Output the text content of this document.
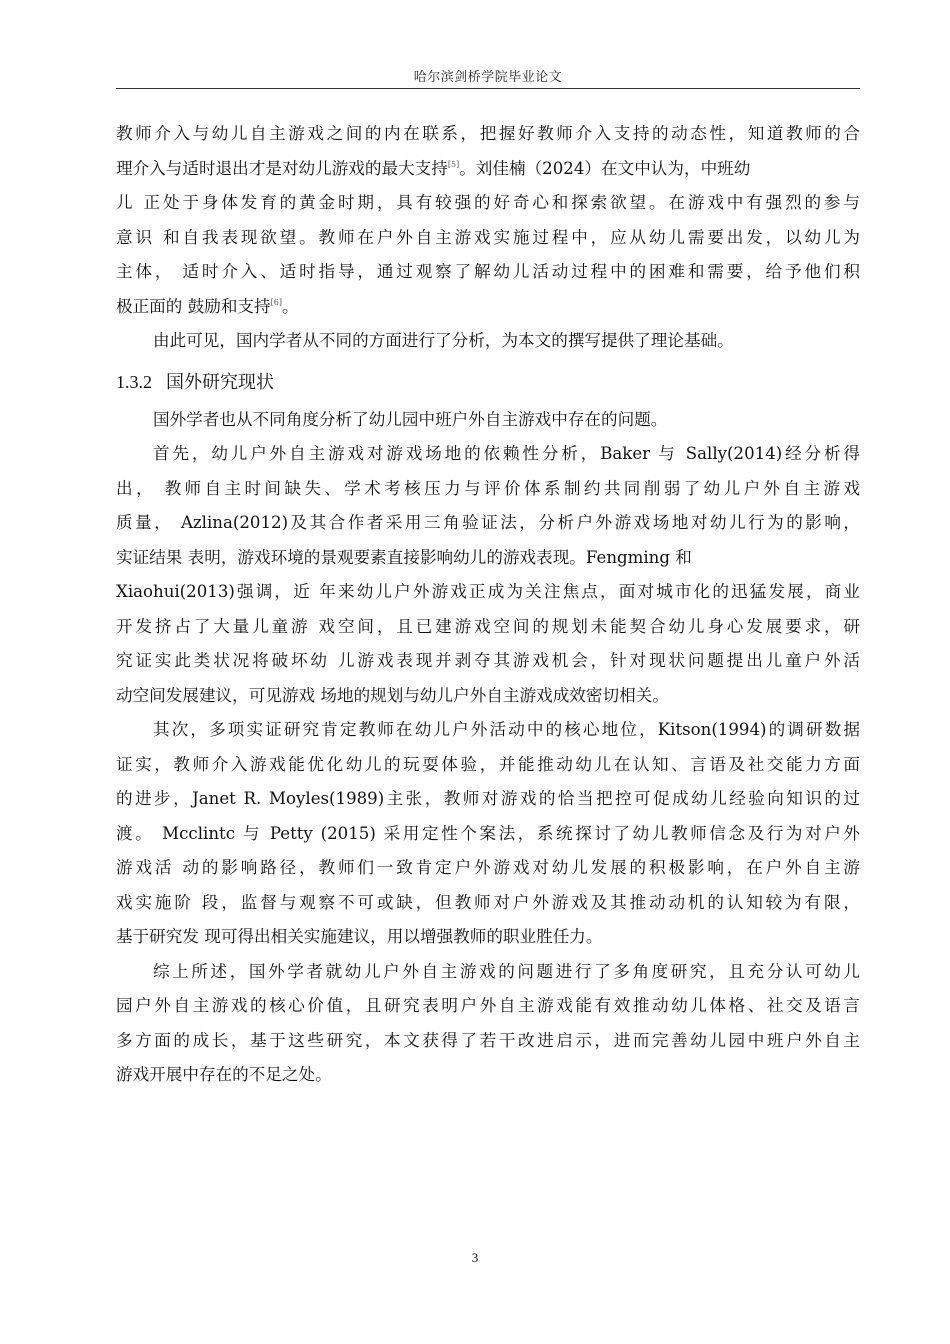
哈尔滨剑桥学院毕业论文
教师介入与幼儿自主游戏之间的内在联系，把握好教师介入支持的动态性，知道教师的合
理介入与适时退出才是对幼儿游戏的最大支持[5]。刘佳楠（2024）在文中认为，中班幼
儿 正处于身体发育的黄金时期，具有较强的好奇心和探索欲望。在游戏中有强烈的参与
意识 和自我表现欲望。教师在户外自主游戏实施过程中，应从幼儿需要出发，以幼儿为
主体， 适时介入、适时指导，通过观察了解幼儿活动过程中的困难和需要，给予他们积
极正面的 鼓励和支持[6]。
由此可见，国内学者从不同的方面进行了分析，为本文的撰写提供了理论基础。
1.3.2 国外研究现状
国外学者也从不同角度分析了幼儿园中班户外自主游戏中存在的问题。
首先，幼儿户外自主游戏对游戏场地的依赖性分析，Baker 与 Sally(2014)经分析得
出， 教师自主时间缺失、学术考核压力与评价体系制约共同削弱了幼儿户外自主游戏
质量， Azlina(2012)及其合作者采用三角验证法，分析户外游戏场地对幼儿行为的影响，
实证结果 表明，游戏环境的景观要素直接影响幼儿的游戏表现。Fengming 和
Xiaohui(2013)强调，近 年来幼儿户外游戏正成为关注焦点，面对城市化的迅猛发展，商业
开发挤占了大量儿童游 戏空间，且已建游戏空间的规划未能契合幼儿身心发展要求，研
究证实此类状况将破坏幼 儿游戏表现并剥夺其游戏机会，针对现状问题提出儿童户外活
动空间发展建议，可见游戏 场地的规划与幼儿户外自主游戏成效密切相关。
其次，多项实证研究肯定教师在幼儿户外活动中的核心地位，Kitson(1994)的调研数据
证实，教师介入游戏能优化幼儿的玩耍体验，并能推动幼儿在认知、言语及社交能力方面
的进步，Janet R. Moyles(1989)主张，教师对游戏的恰当把控可促成幼儿经验向知识的过
渡。 Mcclintc 与 Petty (2015) 采用定性个案法，系统探讨了幼儿教师信念及行为对户外
游戏活 动的影响路径，教师们一致肯定户外游戏对幼儿发展的积极影响，在户外自主游
戏实施阶 段，监督与观察不可或缺，但教师对户外游戏及其推动动机的认知较为有限，
基于研究发 现可得出相关实施建议，用以增强教师的职业胜任力。
综上所述，国外学者就幼儿户外自主游戏的问题进行了多角度研究，且充分认可幼儿
园户外自主游戏的核心价值，且研究表明户外自主游戏能有效推动幼儿体格、社交及语言
多方面的成长，基于这些研究，本文获得了若干改进启示，进而完善幼儿园中班户外自主
游戏开展中存在的不足之处。
3
